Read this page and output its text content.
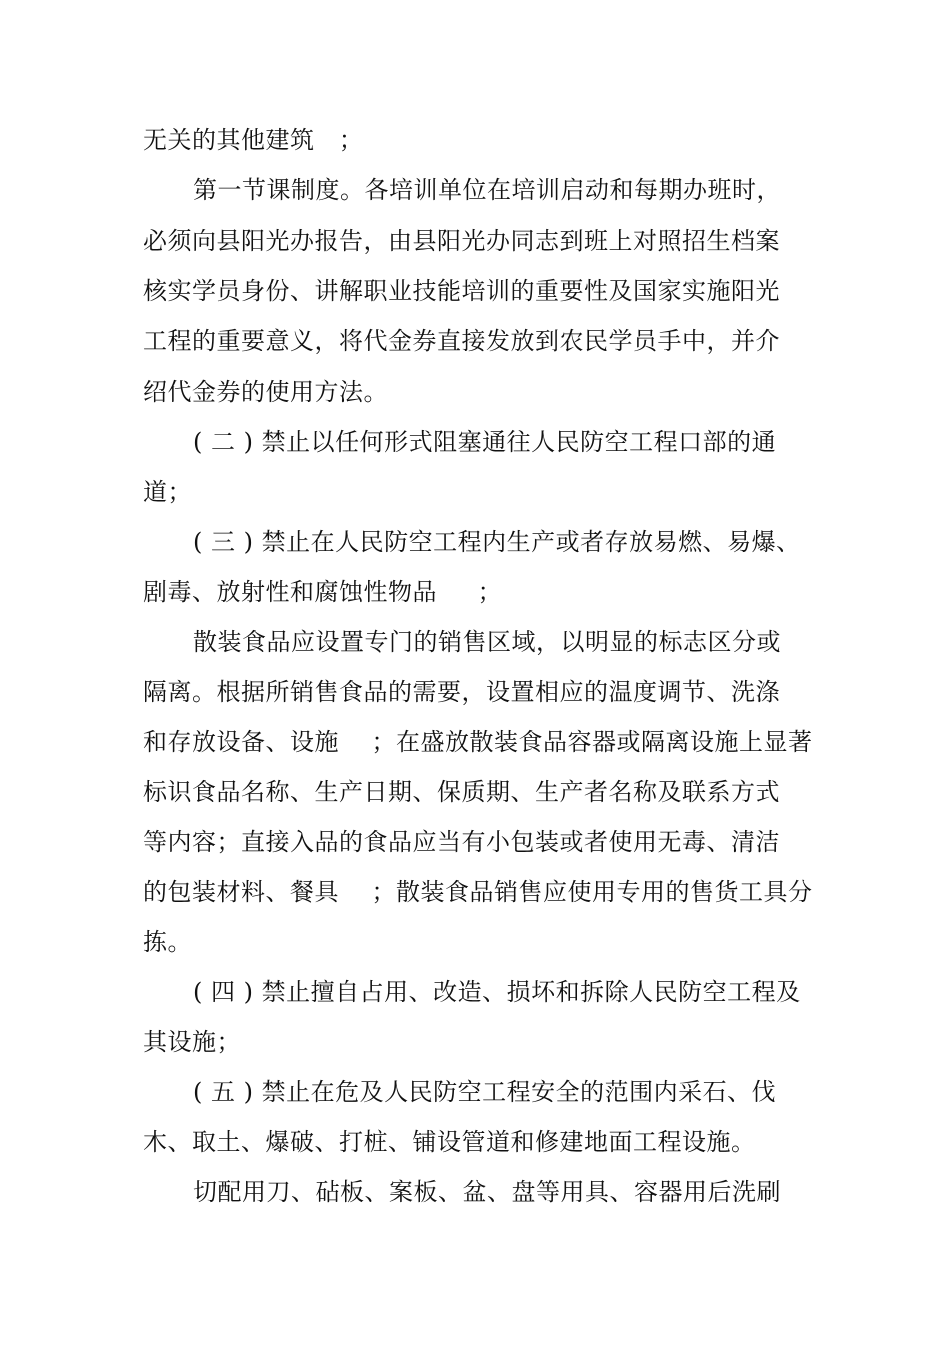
无关的其他建筑   ；
第一节课制度。各培训单位在培训启动和每期办班时，
必须向县阳光办报告，由县阳光办同志到班上对照招生档案
核实学员身份、讲解职业技能培训的重要性及国家实施阳光
工程的重要意义，将代金券直接发放到农民学员手中，并介
绍代金券的使用方法。
( 二 ) 禁止以任何形式阻塞通往人民防空工程口部的通
道；
( 三 ) 禁止在人民防空工程内生产或者存放易燃、易爆、
剧毒、放射性和腐蚀性物品     ；
散装食品应设置专门的销售区域，以明显的标志区分或
隔离。根据所销售食品的需要，设置相应的温度调节、洗涤
和存放设备、设施    ；在盛放散装食品容器或隔离设施上显著
标识食品名称、生产日期、保质期、生产者名称及联系方式
等内容；直接入品的食品应当有小包装或者使用无毒、清洁
的包装材料、餐具    ；散装食品销售应使用专用的售货工具分
拣。
( 四 ) 禁止擅自占用、改造、损坏和拆除人民防空工程及
其设施；
( 五 ) 禁止在危及人民防空工程安全的范围内采石、伐
木、取土、爆破、打桩、铺设管道和修建地面工程设施。
切配用刀、砧板、案板、盆、盘等用具、容器用后洗刷
